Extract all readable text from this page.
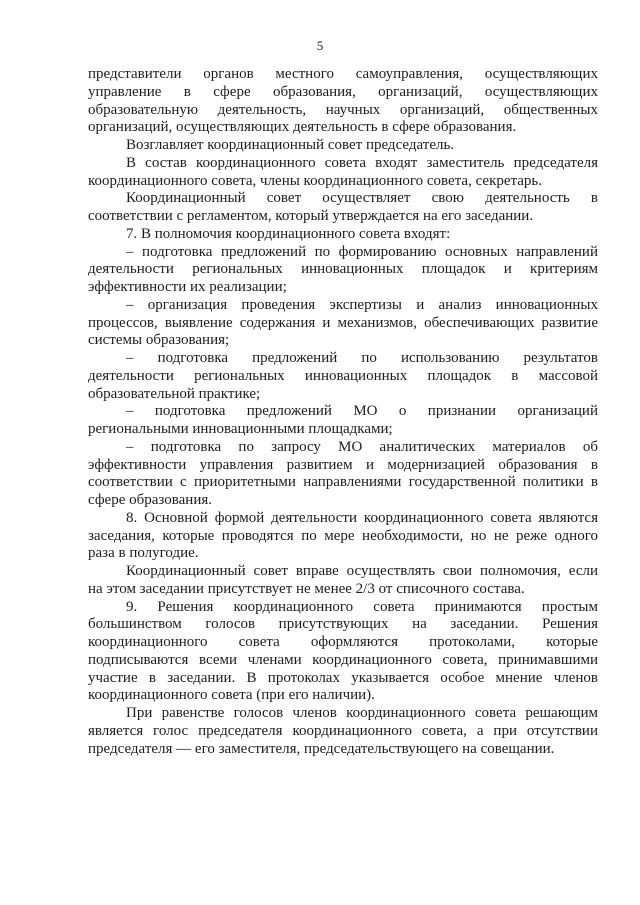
5
представители органов местного самоуправления, осуществляющих
управление в сфере образования, организаций, осуществляющих
образовательную деятельность, научных организаций, общественных
организаций, осуществляющих деятельность в сфере образования.
Возглавляет координационный совет председатель.
В состав координационного совета входят заместитель председателя
координационного совета, члены координационного совета, секретарь.
Координационный совет осуществляет свою деятельность в
соответствии с регламентом, который утверждается на его заседании.
7. В полномочия координационного совета входят:
– подготовка предложений по формированию основных направлений
деятельности региональных инновационных площадок и критериям
эффективности их реализации;
– организация проведения экспертизы и анализ инновационных
процессов, выявление содержания и механизмов, обеспечивающих развитие
системы образования;
– подготовка предложений по использованию результатов
деятельности региональных инновационных площадок в массовой
образовательной практике;
– подготовка предложений МО о признании организаций
региональными инновационными площадками;
– подготовка по запросу МО аналитических материалов об
эффективности управления развитием и модернизацией образования в
соответствии с приоритетными направлениями государственной политики в
сфере образования.
8. Основной формой деятельности координационного совета являются
заседания, которые проводятся по мере необходимости, но не реже одного
раза в полугодие.
Координационный совет вправе осуществлять свои полномочия, если
на этом заседании присутствует не менее 2/3 от списочного состава.
9. Решения координационного совета принимаются простым
большинством голосов присутствующих на заседании. Решения
координационного совета оформляются протоколами, которые
подписываются всеми членами координационного совета, принимавшими
участие в заседании. В протоколах указывается особое мнение членов
координационного совета (при его наличии).
При равенстве голосов членов координационного совета решающим
является голос председателя координационного совета, а при отсутствии
председателя — его заместителя, председательствующего на совещании.
